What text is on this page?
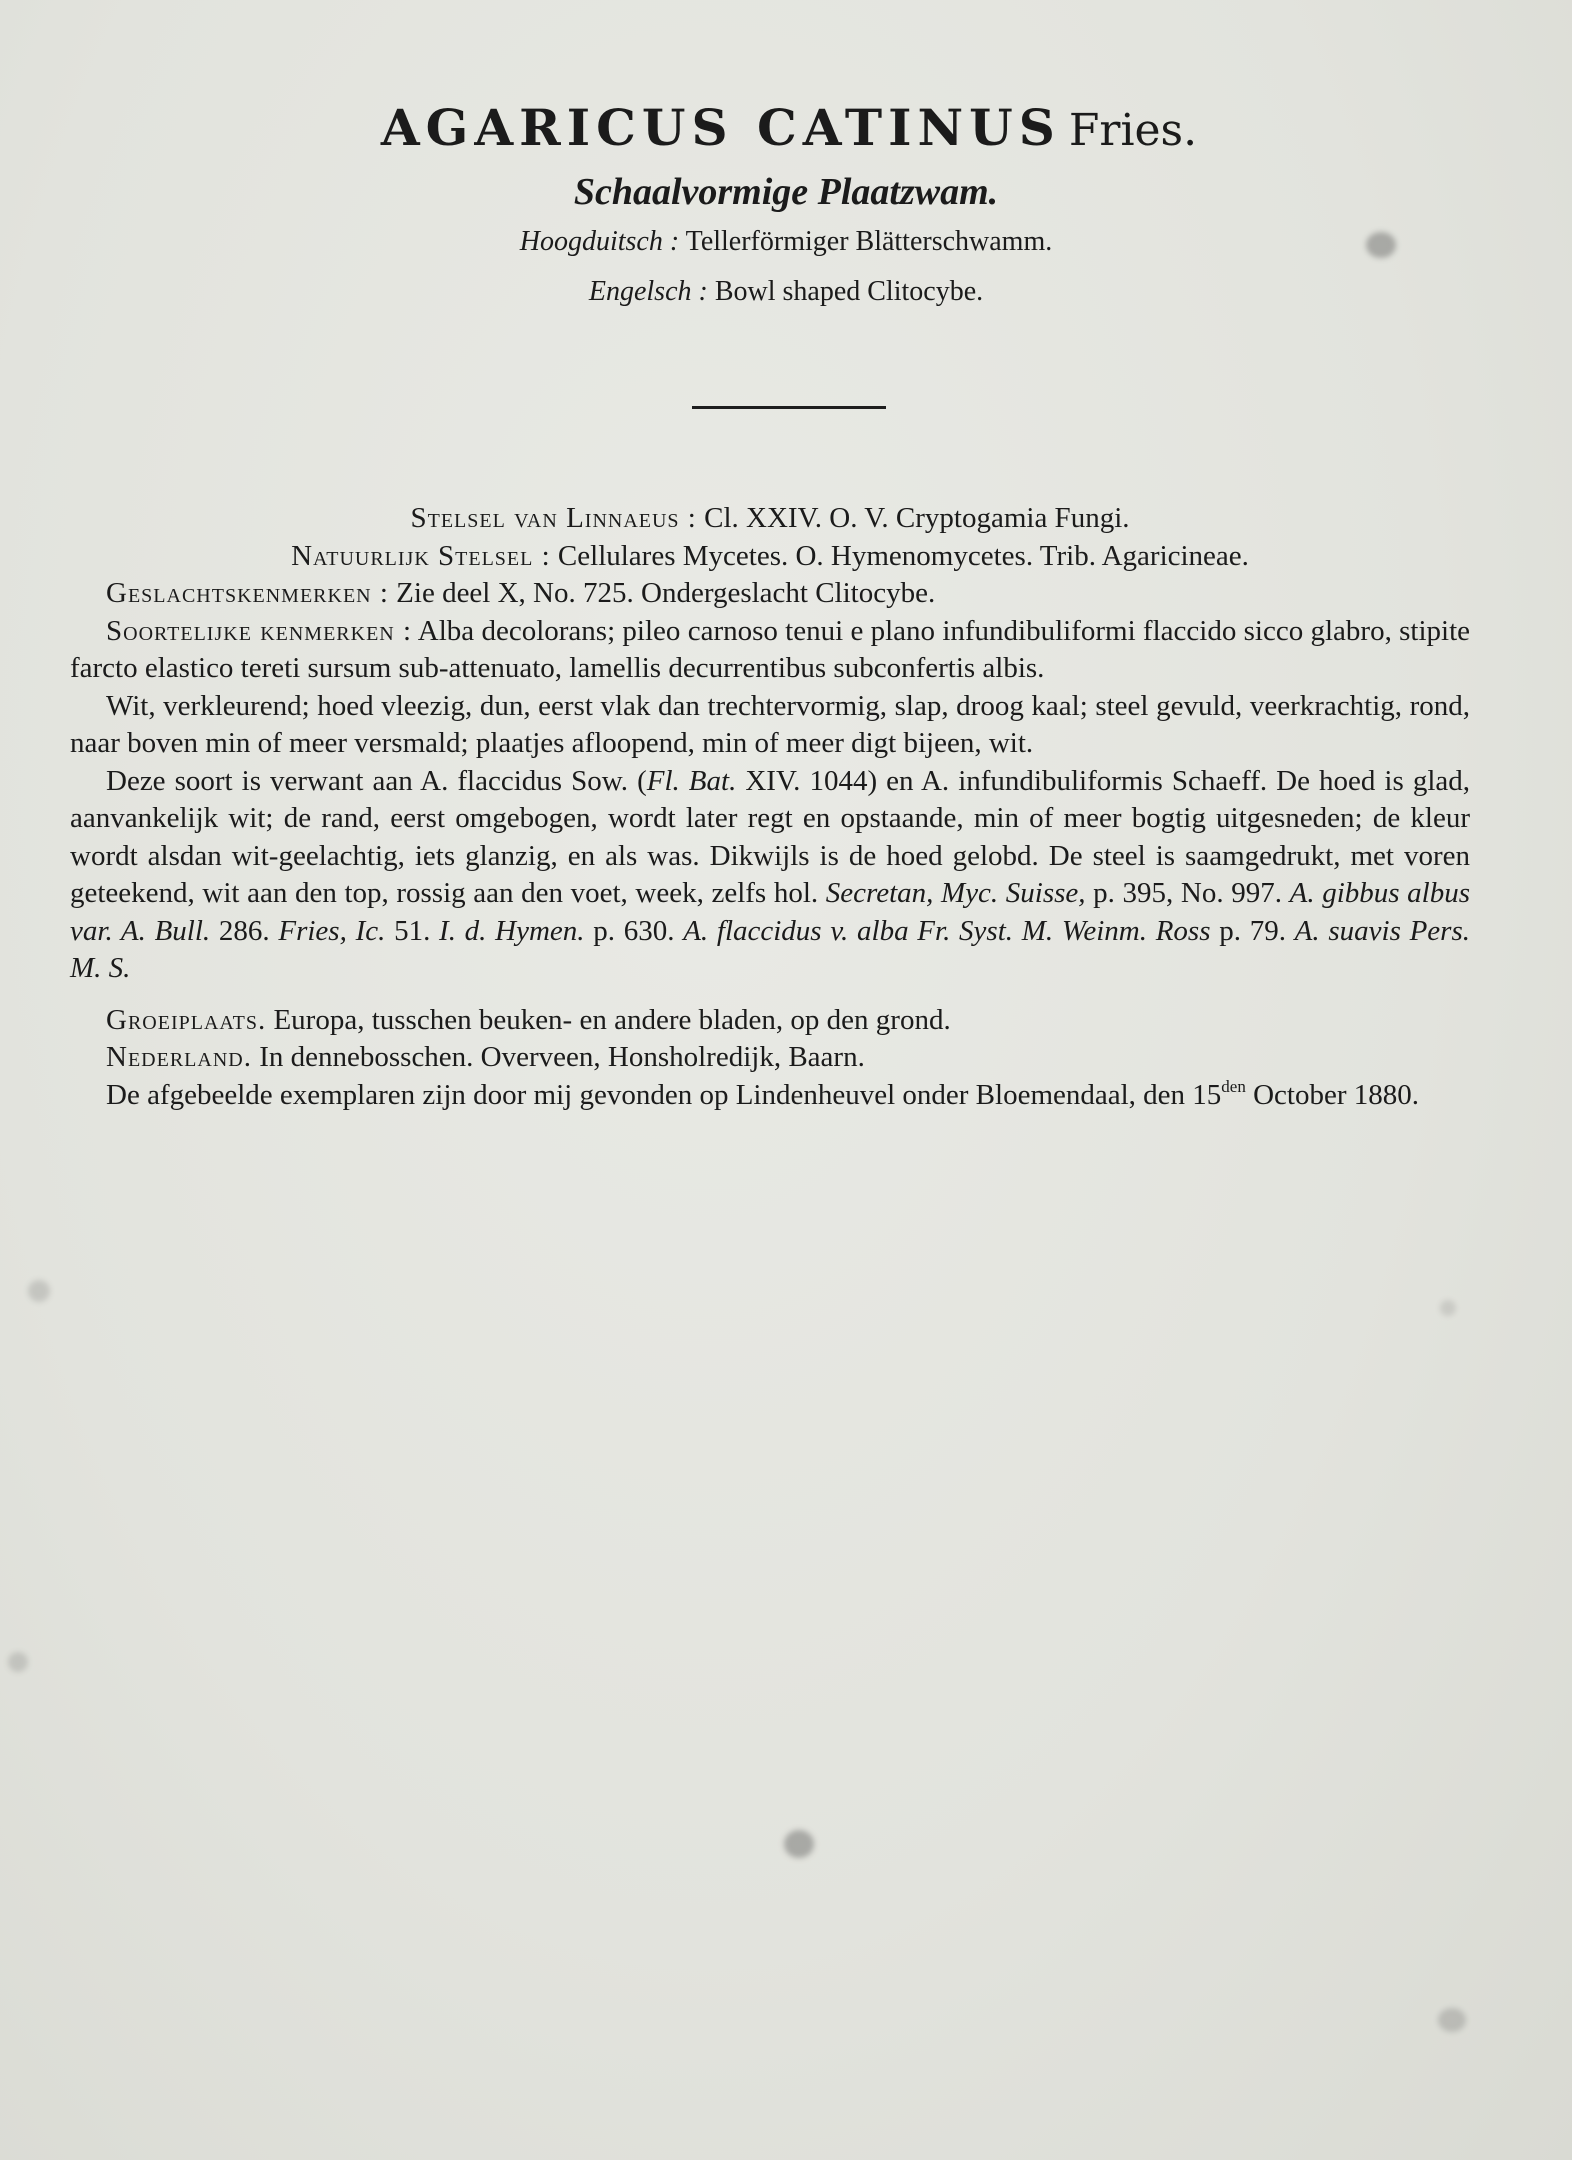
AGARICUS CATINUS Fries.
Schaalvormige Plaatzwam.
Hoogduitsch : Tellerförmiger Blätterschwamm.
Engelsch : Bowl shaped Clitocybe.

Stelsel van Linnaeus : Cl. XXIV. O. V. Cryptogamia Fungi.

Natuurlijk Stelsel : Cellulares Mycetes. O. Hymenomycetes. Trib. Agaricineae.

Geslachtskenmerken : Zie deel X, No. 725. Ondergeslacht Clitocybe.

Soortelijke kenmerken : Alba decolorans; pileo carnoso tenui e plano infundibuliformi flaccido sicco glabro, stipite farcto elastico tereti sursum sub-attenuato, lamellis decurrentibus subconfertis albis.

Wit, verkleurend; hoed vleezig, dun, eerst vlak dan trechtervormig, slap, droog kaal; steel gevuld, veerkrachtig, rond, naar boven min of meer versmald; plaatjes afloopend, min of meer digt bijeen, wit.

Deze soort is verwant aan A. flaccidus Sow. (Fl. Bat. XIV. 1044) en A. infundibuliformis Schaeff. De hoed is glad, aanvankelijk wit; de rand, eerst omgebogen, wordt later regt en opstaande, min of meer bogtig uitgesneden; de kleur wordt alsdan wit-geelachtig, iets glanzig, en als was. Dikwijls is de hoed gelobd. De steel is saamgedrukt, met voren geteekend, wit aan den top, rossig aan den voet, week, zelfs hol. Secretan, Myc. Suisse, p. 395, No. 997. A. gibbus albus var. A. Bull. 286. Fries, Ic. 51. I. d. Hymen. p. 630. A. flaccidus v. alba Fr. Syst. M. Weinm. Ross p. 79. A. suavis Pers. M. S.

Groeiplaats. Europa, tusschen beuken- en andere bladen, op den grond.

Nederland. In dennebosschen. Overveen, Honsholredijk, Baarn.

De afgebeelde exemplaren zijn door mij gevonden op Lindenheuvel onder Bloemendaal, den $15^{den}$ October 1880.
